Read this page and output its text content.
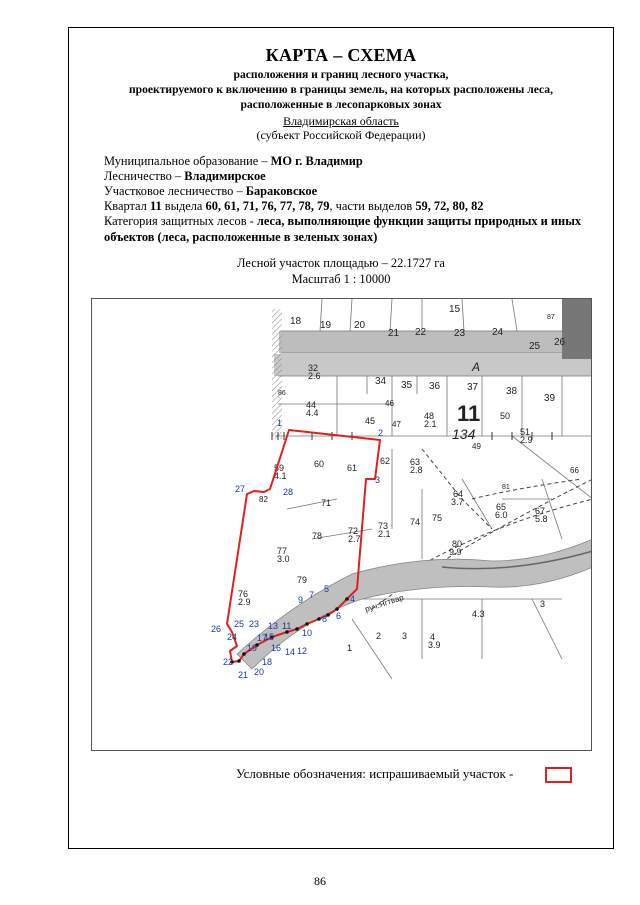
КАРТА – СХЕМА
расположения и границ лесного участка,
проектируемого к включению в границы земель, на которых расположены леса,
расположенные в лесопарковых зонах
Владимирская область
(субъект Российской Федерации)
Муниципальное образование – МО г. Владимир
Лесничество – Владимирское
Участковое лесничество – Бараковское
Квартал 11 выдела 60, 61, 71, 76, 77, 78, 79, части выделов 59, 72, 80, 82
Категория защитных лесов - леса, выполняющие функции защиты природных и иных объектов (леса, расположенные в зеленых зонах)
Лесной участок площадью – 22.1727 га
Масштаб 1 : 10000
руч.Ягтвар
11
134
А
15
18 19 20
21 22	23	24
25 26
87
32
2.6	34 35 36	37	38
39
44
4.4
46
45 47
48
2.1
50
51
2.9
49
59
4.1
60	61
62 63
2.8	66
71
64
3.7	65
6.0	67
5.8
74 75
72
2.7
73
2.1
78
77
3.0
80
9.9
76
2.9
79
3
4.3
1
2 3	4
3.9
86
82
81
1
2
3
4
5
6
7
8
9
10
11
12
13
14
15
16
17
18
19
20
21
22
23
24
25
26
27	28
Условные обозначения: испрашиваемый участок -
86
